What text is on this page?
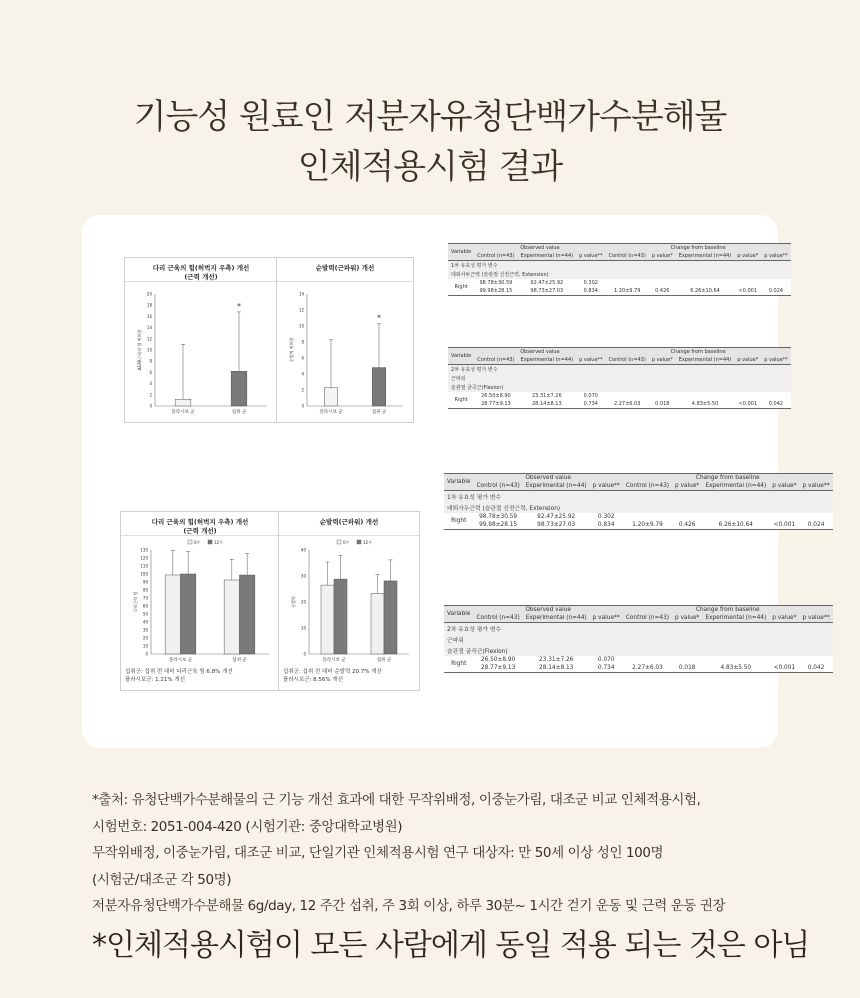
기능성 원료인 저분자유청단백가수분해물
인체적용시험 결과
다리 근육의 힘(허벅지 우측) 개선
(근력 개선)
0
2
4
6
8
10
12
14
16
18
20
ΔEAR근육의 힘 변화량
플라시보 군	섭취 군
*
순발력(근파워) 개선
0
2
4
6
8
10
12
14
순발력 변화량
플라시보 군	섭취 군
*
다리 근육의 힘(허벅지 우측) 개선
(근력 개선)
0
10
20
30
40
50
60
70
80
90
100
110
120
130
다리근력 힘
플라시보 군	섭취 군
0주	12주
섭취군: 섭취 전 대비 다리근육 힘 6.8% 개선
플라시보군: 1.21% 개선
순발력(근파워) 개선
0
10
20
30
40
순발력
플라시보 군	섭취 군
0주	12주
섭취군: 섭취 전 대비 순발력 20.7% 개선
플라시보군: 8.56% 개선
Variable	Observed value			Change from baseline				
	Control (n=43)	Experimental (n=44)	p value**	Control (n=43)	p value*	Experimental (n=44)	p value*	p value**
1차 유효성 평가 변수								
대퇴사두근력 (슬관절 신전근력, Extension)								
Right	98.78±30.59	92.47±25.92	0.302					
	99.98±28.15	98.73±27.03	0.834	1.20±9.79	0.426	6.26±10.64	<0.001	0.024
Variable	Observed value			Change from baseline				
	Control (n=43)	Experimental (n=44)	p value**	Control (n=43)	p value*	Experimental (n=44)	p value*	p value**
2차 유효성 평가 변수								
근파워								
슬관절 굴곡근(Flexion)								
Right	26.50±8.90	23.31±7.26	0.070					
	28.77±9.13	28.14±8.13	0.734	2.27±6.03	0.018	4.83±5.50	<0.001	0.042
Variable	Observed value			Change from baseline				
	Control (n=43)	Experimental (n=44)	p value**	Control (n=43)	p value*	Experimental (n=44)	p value*	p value**
1차 유효성 평가 변수								
대퇴사두근력 (슬관절 신전근력, Extension)								
Right	98.78±30.59	92.47±25.92	0.302					
	99.98±28.15	98.73±27.03	0.834	1.20±9.79	0.426	6.26±10.64	<0.001	0.024
Variable	Observed value			Change from baseline				
	Control (n=43)	Experimental (n=44)	p value**	Control (n=43)	p value*	Experimental (n=44)	p value*	p value**
2차 유효성 평가 변수								
근파워								
슬관절 굴곡근(Flexion)								
Right	26.50±8.90	23.31±7.26	0.070					
	28.77±9.13	28.14±8.13	0.734	2.27±6.03	0.018	4.83±5.50	<0.001	0.042
*출처: 유청단백가수분해물의 근 기능 개선 효과에 대한 무작위배정, 이중눈가림, 대조군 비교 인체적용시험,
시험번호: 2051-004-420 (시험기관: 중앙대학교병원)
무작위배정, 이중눈가림, 대조군 비교, 단일기관 인체적용시험 연구 대상자: 만 50세 이상 성인 100명
(시험군/대조군 각 50명)
저분자유청단백가수분해물 6g/day, 12 주간 섭취, 주 3회 이상, 하루 30분~ 1시간 걷기 운동 및 근력 운동 권장
*인체적용시험이 모든 사람에게 동일 적용 되는 것은 아님
